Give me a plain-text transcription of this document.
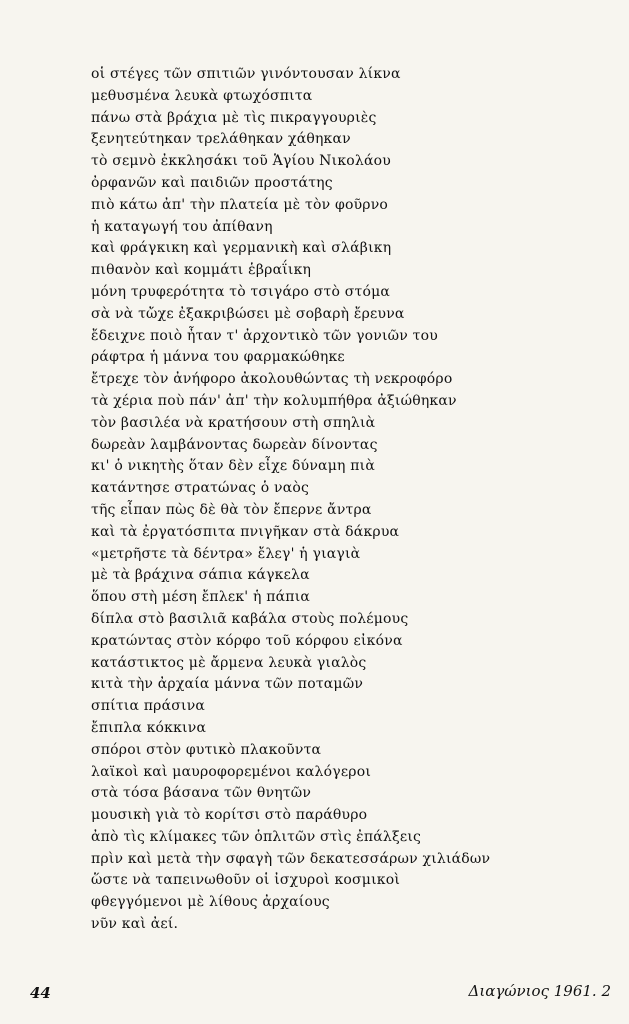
οἱ στέγες τῶν σπιτιῶν γινόντουσαν λίκνα
μεθυσμένα λευκὰ φτωχόσπιτα
πάνω στὰ βράχια μὲ τὶς πικραγγουριὲς
ξενητεύτηκαν τρελάθηκαν χάθηκαν
τὸ σεμνὸ ἐκκλησάκι τοῦ Ἁγίου Νικολάου
ὀρφανῶν καὶ παιδιῶν προστάτης
πιὸ κάτω ἀπ' τὴν πλατεία μὲ τὸν φοῦρνο
ἡ καταγωγή του ἀπίθανη
καὶ φράγκικη καὶ γερμανικὴ καὶ σλάβικη
πιθανὸν καὶ κομμάτι ἑβραΐικη
μόνη τρυφερότητα τὸ τσιγάρο στὸ στόμα
σὰ νὰ τὤχε ἐξακριβώσει μὲ σοβαρὴ ἔρευνα
ἔδειχνε ποιὸ ἦταν τ' ἀρχοντικὸ τῶν γονιῶν του
ράφτρα ἡ μάννα του φαρμακώθηκε
ἔτρεχε τὸν ἀνήφορο ἀκολουθώντας τὴ νεκροφόρο
τὰ χέρια ποὺ πάν' ἀπ' τὴν κολυμπήθρα ἀξιώθηκαν
τὸν βασιλέα νὰ κρατήσουν στὴ σπηλιὰ
δωρεὰν λαμβάνοντας δωρεὰν δίνοντας
κι' ὁ νικητὴς ὅταν δὲν εἶχε δύναμη πιὰ
κατάντησε στρατώνας ὁ ναὸς
τῆς εἶπαν πὼς δὲ θὰ τὸν ἔπερνε ἄντρα
καὶ τὰ ἐργατόσπιτα πνιγῆκαν στὰ δάκρυα
«μετρῆστε τὰ δέντρα» ἔλεγ' ἡ γιαγιὰ
μὲ τὰ βράχινα σάπια κάγκελα
ὅπου στὴ μέση ἔπλεκ' ἡ πάπια
δίπλα στὸ βασιλιᾶ καβάλα στοὺς πολέμους
κρατώντας στὸν κόρφο τοῦ κόρφου εἰκόνα
κατάστικτος μὲ ἄρμενα λευκὰ γιαλὸς
κιτὰ τὴν ἀρχαία μάννα τῶν ποταμῶν
σπίτια πράσινα
ἔπιπλα κόκκινα
σπόροι στὸν φυτικὸ πλακοῦντα
λαϊκοὶ καὶ μαυροφορεμένοι καλόγεροι
στὰ τόσα βάσανα τῶν θνητῶν
μουσικὴ γιὰ τὸ κορίτσι στὸ παράθυρο
ἀπὸ τὶς κλίμακες τῶν ὁπλιτῶν στὶς ἐπάλξεις
πρὶν καὶ μετὰ τὴν σφαγὴ τῶν δεκατεσσάρων χιλιάδων
ὥστε νὰ ταπεινωθοῦν οἱ ἰσχυροὶ κοσμικοὶ
φθεγγόμενοι μὲ λίθους ἀρχαίους
νῦν καὶ ἀεί.
44	Διαγώνιος 1961. 2
